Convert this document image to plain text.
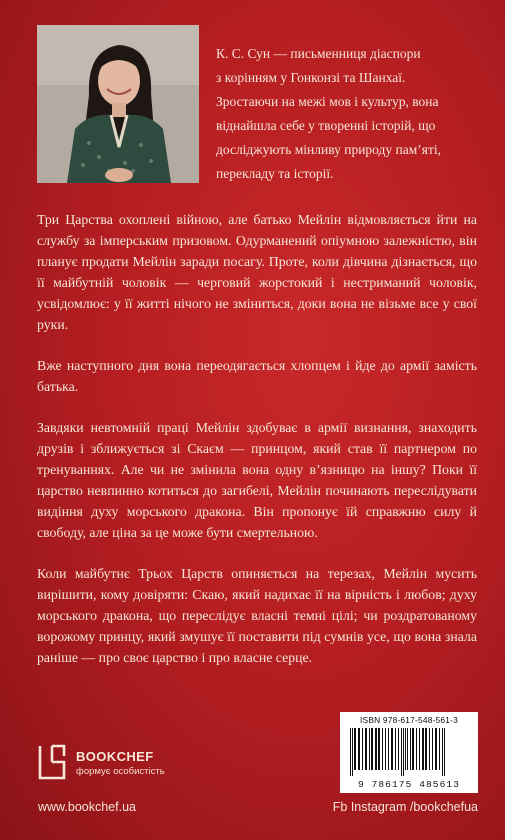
К. С. Сун — письменниця діаспори
з корінням у Гонконзі та Шанхаї.
Зростаючи на межі мов і культур, вона
віднайшла себе у творенні історій, що
досліджують мінливу природу пам’яті,
перекладу та історії.

Три Царства охоплені війною, але батько Мейлін відмовляється йти на службу за імперським призовом. Одурманений опіумною залежністю, він планує продати Мейлін заради посагу. Проте, коли дівчина дізнається, що її майбутній чоловік — черговий жорстокий і нестриманий чоловік, усвідомлює: у її житті нічого не зміниться, доки вона не візьме все у свої руки.

Вже наступного дня вона переодягається хлопцем і йде до армії замість батька.

Завдяки невтомній праці Мейлін здобуває в армії визнання, знаходить друзів і зближується зі Скаєм — принцом, який став її партнером по тренуваннях. Але чи не змінила вона одну в’язницю на іншу? Поки її царство невпинно котиться до загибелі, Мейлін починають переслідувати видіння духу морського дракона. Він пропонує їй справжню силу й свободу, але ціна за це може бути смертельною.

Коли майбутнє Трьох Царств опиняється на терезах, Мейлін мусить вирішити, кому довіряти: Скаю, який надихає її на вірність і любов; духу морського дракона, що переслідує власні темні цілі; чи роздратованому ворожому принцу, який змушує її поставити під сумнів усе, що вона знала раніше — про своє царство і про власне серце.

ISBN 978-617-548-561-3
9 786175 485613
BOOKCHEF
формує особистість
www.bookchef.ua	Fb Instagram /bookchefua
